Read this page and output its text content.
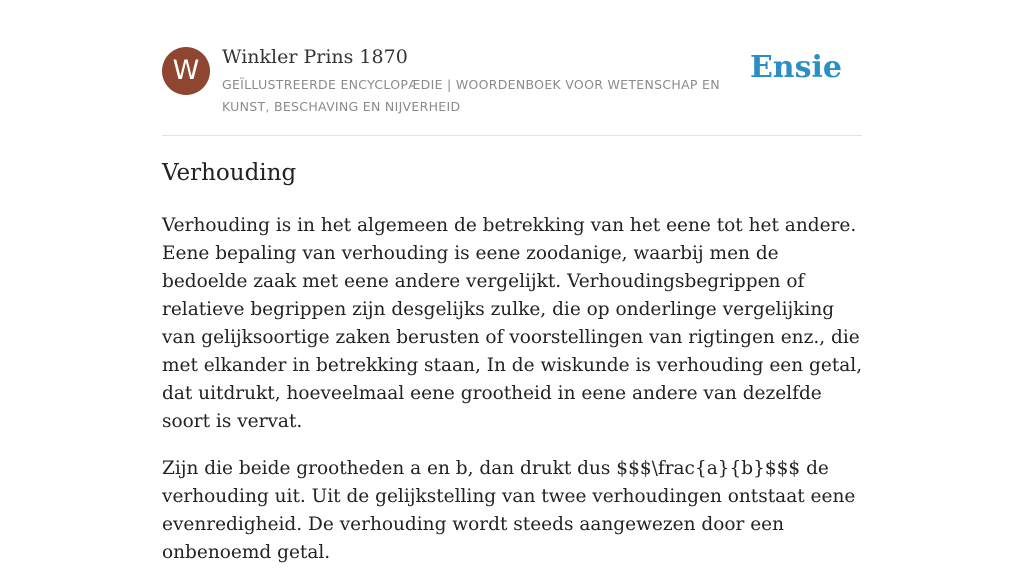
W	Winkler Prins 1870
GEÏLLUSTREERDE ENCYCLOPÆDIE | WOORDENBOEK VOOR WETENSCHAP EN KUNST, BESCHAVING EN NIJVERHEID
Ensie
Verhouding

Verhouding is in het algemeen de betrekking van het eene tot het andere. Eene bepaling van verhouding is eene zoodanige, waarbij men de bedoelde zaak met eene andere vergelijkt. Verhoudingsbegrippen of relatieve begrippen zijn desgelijks zulke, die op onderlinge vergelijking van gelijksoortige zaken berusten of voorstellingen van rigtingen enz., die met elkander in betrekking staan, In de wiskunde is verhouding een getal, dat uitdrukt, hoeveelmaal eene grootheid in eene andere van dezelfde soort is vervat.

Zijn die beide grootheden a en b, dan drukt dus $$$\frac{a}{b}$$$ de verhouding uit. Uit de gelijkstelling van twee verhoudingen ontstaat eene evenredigheid. De verhouding wordt steeds aangewezen door een onbenoemd getal.
